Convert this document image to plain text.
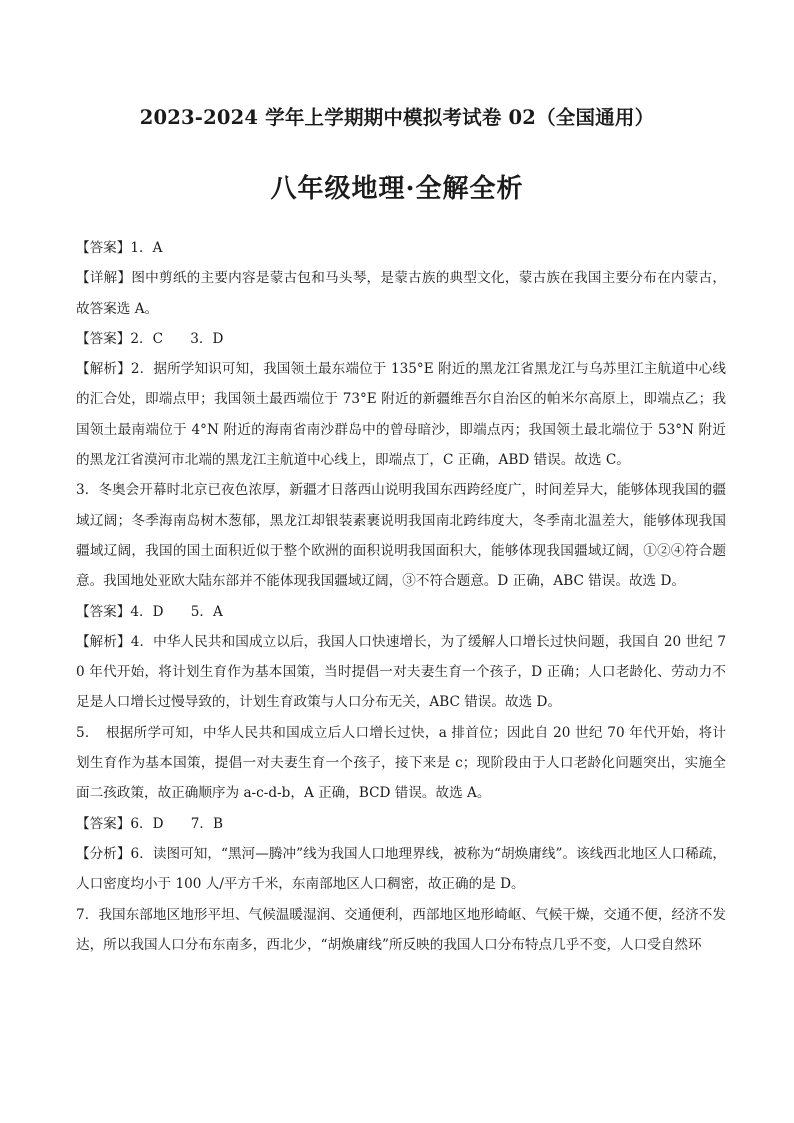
2023-2024 学年上学期期中模拟考试卷 02（全国通用）
八年级地理·全解全析

【答案】1．A

【详解】图中剪纸的主要内容是蒙古包和马头琴，是蒙古族的典型文化，蒙古族在我国主要分布在内蒙古，故答案选 A。

【答案】2．C　　3．D

【解析】2．据所学知识可知，我国领土最东端位于 135°E 附近的黑龙江省黑龙江与乌苏里江主航道中心线的汇合处，即端点甲；我国领土最西端位于 73°E 附近的新疆维吾尔自治区的帕米尔高原上，即端点乙；我国领土最南端位于 4°N 附近的海南省南沙群岛中的曾母暗沙，即端点丙；我国领土最北端位于 53°N 附近的黑龙江省漠河市北端的黑龙江主航道中心线上，即端点丁，C 正确，ABD 错误。故选 C。

3．冬奥会开幕时北京已夜色浓厚，新疆才日落西山说明我国东西跨经度广，时间差异大，能够体现我国的疆域辽阔；冬季海南岛树木葱郁，黑龙江却银装素裹说明我国南北跨纬度大，冬季南北温差大，能够体现我国疆域辽阔，我国的国土面积近似于整个欧洲的面积说明我国面积大，能够体现我国疆域辽阔，①②④符合题意。我国地处亚欧大陆东部并不能体现我国疆域辽阔，③不符合题意。D 正确，ABC 错误。故选 D。

【答案】4．D　　5．A

【解析】4．中华人民共和国成立以后，我国人口快速增长，为了缓解人口增长过快问题，我国自 20 世纪 70 年代开始，将计划生育作为基本国策，当时提倡一对夫妻生育一个孩子，D 正确；人口老龄化、劳动力不足是人口增长过慢导致的，计划生育政策与人口分布无关，ABC 错误。故选 D。

5．　根据所学可知，中华人民共和国成立后人口增长过快，a 排首位；因此自 20 世纪 70 年代开始，将计划生育作为基本国策，提倡一对夫妻生育一个孩子，接下来是 c；现阶段由于人口老龄化问题突出，实施全面二孩政策，故正确顺序为 a-c-d-b，A 正确，BCD 错误。故选 A。

【答案】6．D　　7．B

【分析】6．读图可知，“黑河—腾冲”线为我国人口地理界线，被称为“胡焕庸线”。该线西北地区人口稀疏，人口密度均小于 100 人/平方千米，东南部地区人口稠密，故正确的是 D。

7．我国东部地区地形平坦、气候温暖湿润、交通便利，西部地区地形崎岖、气候干燥，交通不便，经济不发达，所以我国人口分布东南多，西北少，“胡焕庸线”所反映的我国人口分布特点几乎不变，人口受自然环
